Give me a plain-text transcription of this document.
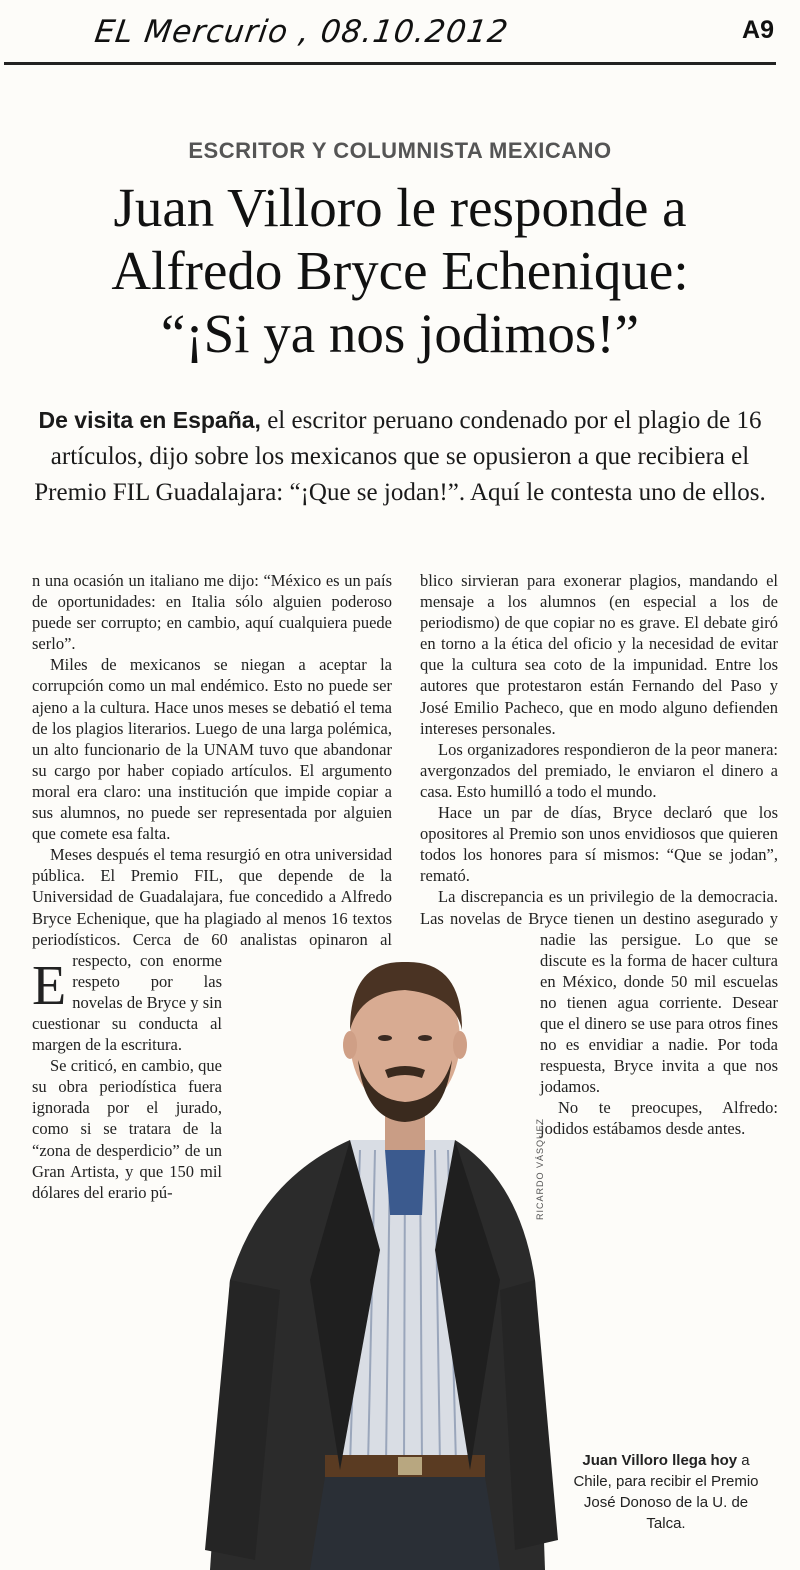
EL Mercurio , 08.10.2012	A9
ESCRITOR Y COLUMNISTA MEXICANO
Juan Villoro le responde a
Alfredo Bryce Echenique:
“¡Si ya nos jodimos!”
De visita en España, el escritor peruano condenado por el plagio de 16 artículos, dijo sobre los mexicanos que se opusieron a que recibiera el Premio FIL Guadalajara: “¡Que se jodan!”. Aquí le contesta uno de ellos.

E
n una ocasión un italiano me dijo: “México es un país de oportunidades: en Italia sólo alguien poderoso puede ser corrupto; en cambio, aquí cualquiera puede serlo”.

Miles de mexicanos se niegan a aceptar la corrupción como un mal endémico. Esto no puede ser ajeno a la cultura. Hace unos meses se debatió el tema de los plagios literarios. Luego de una larga polémica, un alto funcionario de la UNAM tuvo que abandonar su cargo por haber copiado artículos. El argumento moral era claro: una institución que impide copiar a sus alumnos, no puede ser representada por alguien que comete esa falta.

Meses después el tema resurgió en otra universidad pública. El Premio FIL, que depende de la Universidad de Guadalajara, fue concedido a Alfredo Bryce Echenique, que ha plagiado al menos 16 textos periodísticos. Cerca de 60 analistas opinaron al respecto, con enorme respeto por las novelas de Bryce y sin cuestionar su conducta al margen de la escritura.

Se criticó, en cambio, que su obra periodística fuera ignorada por el jurado, como si se tratara de la “zona de desperdicio” de un Gran Artista, y que 150 mil dólares del erario pú-

blico sirvieran para exonerar plagios, mandando el mensaje a los alumnos (en especial a los de periodismo) de que copiar no es grave. El debate giró en torno a la ética del oficio y la necesidad de evitar que la cultura sea coto de la impunidad. Entre los autores que protestaron están Fernando del Paso y José Emilio Pacheco, que en modo alguno defienden intereses personales.

Los organizadores respondieron de la peor manera: avergonzados del premiado, le enviaron el dinero a casa. Esto humilló a todo el mundo.

Hace un par de días, Bryce declaró que los opositores al Premio son unos envidiosos que quieren todos los honores para sí mismos: “Que se jodan”, remató.

La discrepancia es un privilegio de la democracia. Las novelas de Bryce tienen un destino asegurado y nadie las persigue. Lo que se discute es la forma de hacer cultura en México, donde 50 mil escuelas no tienen agua corriente. Desear que el dinero se use para otros fines no es envidiar a nadie. Por toda respuesta, Bryce invita a que nos jodamos.

No te preocupes, Alfredo: jodidos estábamos desde antes.

RICARDO VÁSQUEZ
Juan Villoro llega hoy a Chile, para recibir el Premio José Donoso de la U. de Talca.
